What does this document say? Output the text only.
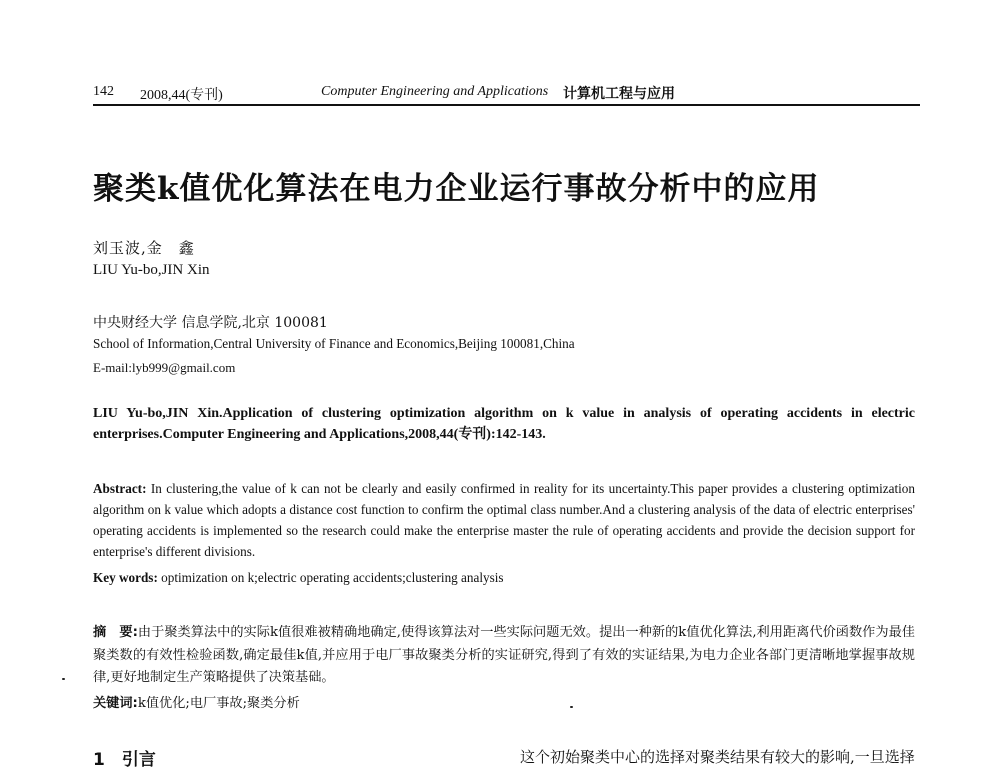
142 2008,44(专刊)	Computer Engineering and Applications 计算机工程与应用
聚类k值优化算法在电力企业运行事故分析中的应用
刘玉波,金　鑫
LIU Yu-bo,JIN Xin
中央财经大学 信息学院,北京 100081
School of Information,Central University of Finance and Economics,Beijing 100081,China
E-mail:lyb999@gmail.com
LIU Yu-bo,JIN Xin.Application of clustering optimization algorithm on k value in analysis of operating accidents in electric enterprises.Computer Engineering and Applications,2008,44(专刊):142-143.
Abstract: In clustering,the value of k can not be clearly and easily confirmed in reality for its uncertainty.This paper provides a clustering optimization algorithm on k value which adopts a distance cost function to confirm the optimal class number.And a clustering analysis of the data of electric enterprises' operating accidents is implemented so the research could make the enterprise master the rule of operating accidents and provide the decision support for enterprise's different divisions.
Key words: optimization on k;electric operating accidents;clustering analysis
摘　要:由于聚类算法中的实际k值很难被精确地确定,使得该算法对一些实际问题无效。提出一种新的k值优化算法,利用距离代价函数作为最佳聚类数的有效性检验函数,确定最佳k值,并应用于电厂事故聚类分析的实证研究,得到了有效的实证结果,为电力企业各部门更清晰地掌握事故规律,更好地制定生产策略提供了决策基础。
关键词:k值优化;电厂事故;聚类分析
1　引言	这个初始聚类中心的选择对聚类结果有较大的影响,一旦选择
